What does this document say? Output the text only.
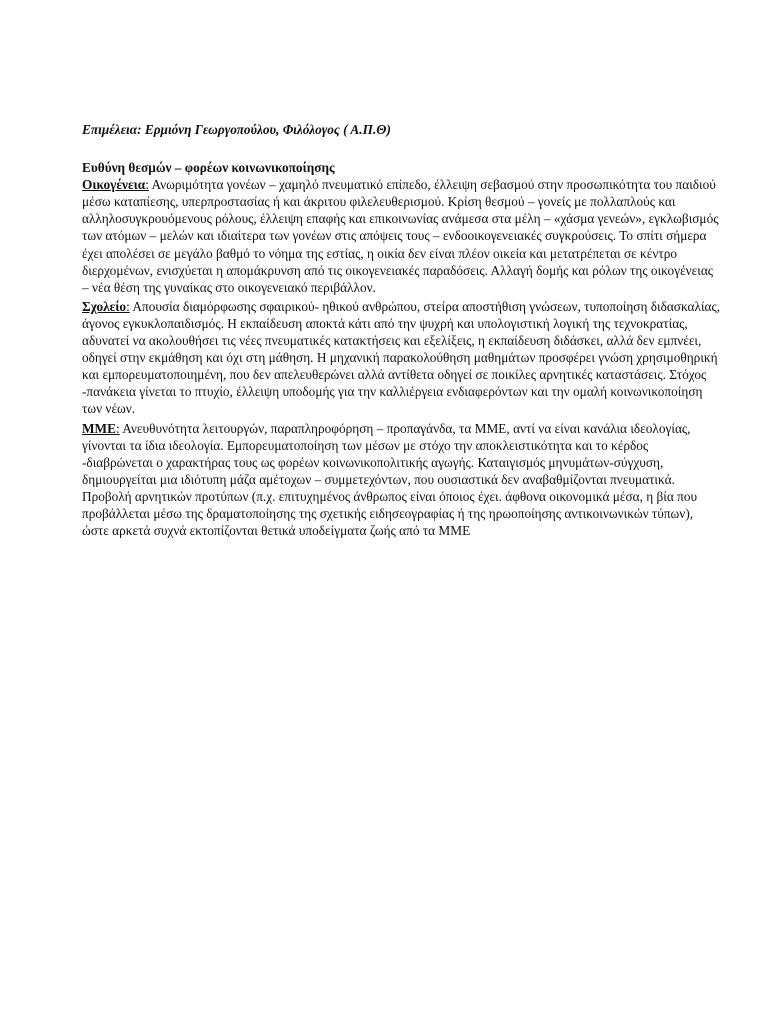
Επιμέλεια: Ερμιόνη Γεωργοπούλου, Φιλόλογος ( Α.Π.Θ)

Ευθύνη θεσμών – φορέων κοινωνικοποίησης

Οικογένεια: Ανωριμότητα γονέων – χαμηλό πνευματικό επίπεδο, έλλειψη σεβασμού στην προσωπικότητα του παιδιού μέσω καταπίεσης, υπερπροστασίας ή και άκριτου φιλελευθερισμού. Κρίση θεσμού – γονείς με πολλαπλούς και αλληλοσυγκρουόμενους ρόλους, έλλειψη επαφής και επικοινωνίας ανάμεσα στα μέλη – «χάσμα γενεών», εγκλωβισμός των ατόμων – μελών και ιδιαίτερα των γονέων στις απόψεις τους – ενδοοικογενειακές συγκρούσεις. Το σπίτι σήμερα έχει απολέσει σε μεγάλο βαθμό το νόημα της εστίας, η οικία δεν είναι πλέον οικεία και μετατρέπεται σε κέντρο διερχομένων, ενισχύεται η απομάκρυνση από τις οικογενειακές παραδόσεις. Αλλαγή δομής και ρόλων της οικογένειας – νέα θέση της γυναίκας στο οικογενειακό περιβάλλον.

Σχολείο: Απουσία διαμόρφωσης σφαιρικού- ηθικού ανθρώπου, στείρα αποστήθιση γνώσεων, τυποποίηση διδασκαλίας, άγονος εγκυκλοπαιδισμός. Η εκπαίδευση αποκτά κάτι από την ψυχρή και υπολογιστική λογική της τεχνοκρατίας, αδυνατεί να ακολουθήσει τις νέες πνευματικές κατακτήσεις και εξελίξεις, η εκπαίδευση διδάσκει, αλλά δεν εμπνέει, οδηγεί στην εκμάθηση και όχι στη μάθηση. Η μηχανική παρακολούθηση μαθημάτων προσφέρει γνώση χρησιμοθηρική και εμπορευματοποιημένη, που δεν απελευθερώνει αλλά αντίθετα οδηγεί σε ποικίλες αρνητικές καταστάσεις. Στόχος -πανάκεια γίνεται το πτυχίο, έλλειψη υποδομής για την καλλιέργεια ενδιαφερόντων και την ομαλή κοινωνικοποίηση των νέων.

ΜΜΕ: Ανευθυνότητα λειτουργών, παραπληροφόρηση – προπαγάνδα, τα ΜΜΕ, αντί να είναι κανάλια ιδεολογίας, γίνονται τα ίδια ιδεολογία. Εμπορευματοποίηση των μέσων με στόχο την αποκλειστικότητα και το κέρδος -διαβρώνεται ο χαρακτήρας τους ως φορέων κοινωνικοπολιτικής αγωγής. Καταιγισμός μηνυμάτων-σύγχυση, δημιουργείται μια ιδιότυπη μάζα αμέτοχων – συμμετεχόντων, που ουσιαστικά δεν αναβαθμίζονται πνευματικά. Προβολή αρνητικών προτύπων (π.χ. επιτυχημένος άνθρωπος είναι όποιος έχει. άφθονα οικονομικά μέσα, η βία που προβάλλεται μέσω της δραματοποίησης της σχετικής ειδησεογραφίας ή της ηρωοποίησης αντικοινωνικών τύπων), ώστε αρκετά συχνά εκτοπίζονται θετικά υποδείγματα ζωής από τα ΜΜΕ
